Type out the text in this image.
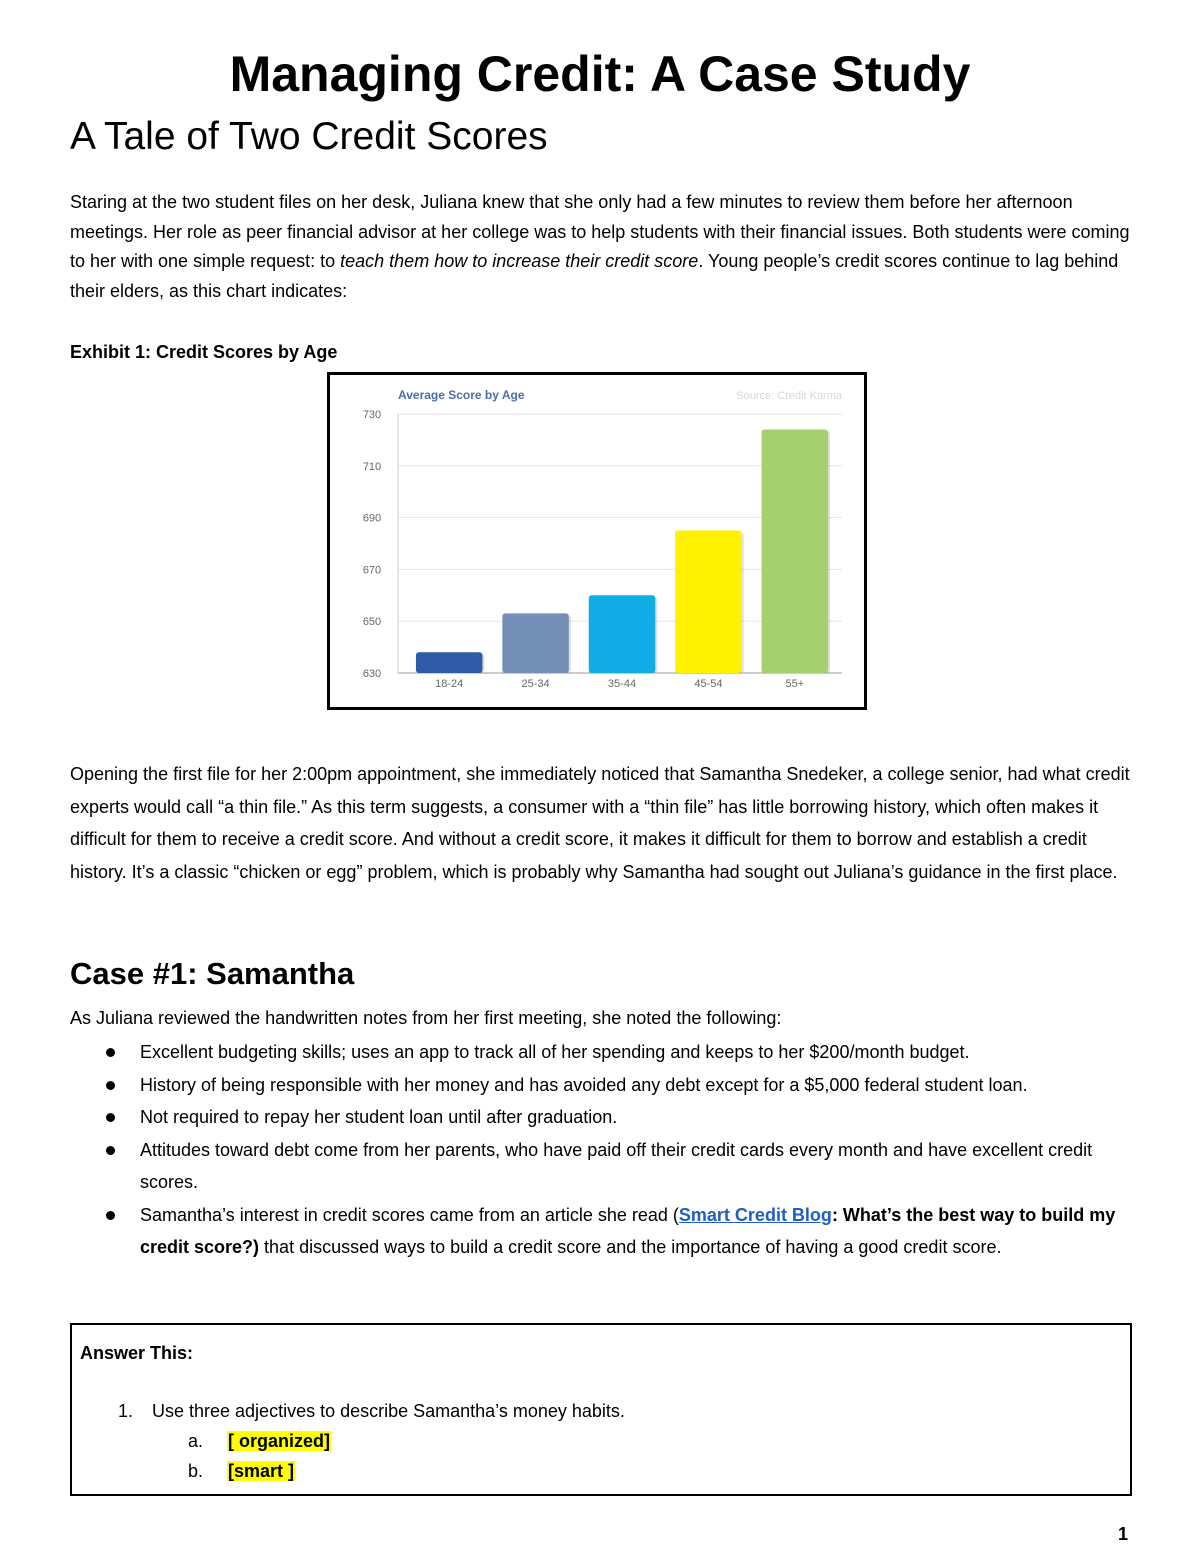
Managing Credit: A Case Study
A Tale of Two Credit Scores

Staring at the two student files on her desk, Juliana knew that she only had a few minutes to review them before her afternoon meetings. Her role as peer financial advisor at her college was to help students with their financial issues. Both students were coming to her with one simple request: to teach them how to increase their credit score. Young people’s credit scores continue to lag behind their elders, as this chart indicates:

Exhibit 1: Credit Scores by Age
630
650
670
690
710
730
Average Score by Age	Source: Credit Karma
18-24	25-34	35-44	45-54	55+

Opening the first file for her 2:00pm appointment, she immediately noticed that Samantha Snedeker, a college senior, had what credit experts would call “a thin file.” As this term suggests, a consumer with a “thin file” has little borrowing history, which often makes it difficult for them to receive a credit score. And without a credit score, it makes it difficult for them to borrow and establish a credit history. It’s a classic “chicken or egg” problem, which is probably why Samantha had sought out Juliana’s guidance in the first place.

Case #1: Samantha

As Juliana reviewed the handwritten notes from her first meeting, she noted the following:

Excellent budgeting skills; uses an app to track all of her spending and keeps to her $200/month budget.
History of being responsible with her money and has avoided any debt except for a $5,000 federal student loan.
Not required to repay her student loan until after graduation.
Attitudes toward debt come from her parents, who have paid off their credit cards every month and have excellent credit scores.
Samantha’s interest in credit scores came from an article she read (Smart Credit Blog: What’s the best way to build my credit score?) that discussed ways to build a credit score and the importance of having a good credit score.
Answer This:
1. Use three adjectives to describe Samantha’s money habits.
a. [ organized]
b. [smart ]
1
